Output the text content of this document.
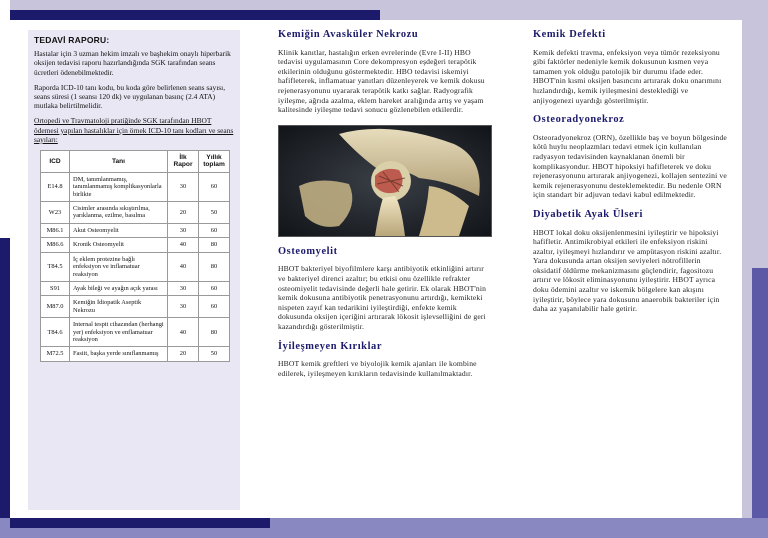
TEDAVİ RAPORU:

Hastalar için 3 uzman hekim imzalı ve başhekim onaylı hiperbarik oksijen tedavisi raporu hazırlandığında SGK tarafından seans ücretleri ödenebilmektedir.

Raporda ICD-10 tanı kodu, bu koda göre belirlenen seans sayısı, seans süresi (1 seansı 120 dk) ve uygulanan basınç (2.4 ATA) mutlaka belirtilmelidir.

Ortopedi ve Travmatoloji pratiğinde SGK tarafından HBOT ödemesi yapılan hastalıklar için örnek ICD-10 tanı kodları ve seans sayıları:

ICD	Tanı	İlk Rapor	Yıllık toplam
E14.8	DM, tanımlanmamış, tanımlanmamış komplikasyonlarla birlikte	30	60
W23	Cisimler arasında sıkıştırılma, yarıklanma, ezilme, basılma	20	50
M86.1	Akut Osteomyelit	30	60
M86.6	Kronik Osteomyelit	40	80
T84.5	İç eklem protezine bağlı enfeksiyon ve inflamatuar reaksiyon	40	80
S91	Ayak bileği ve ayağın açık yarası	30	60
M87.0	Kemiğin İdiopatik Aseptik Nekrozu	30	60
T84.6	Internal tespit cihazından (herhangi yer) enfeksiyon ve enflamatuar reaksiyon	40	80
M72.5	Fasiit, başka yerde sınıflanmamış	20	50
Kemiğin Avasküler Nekrozu

Klinik kanıtlar, hastalığın erken evrelerinde (Evre I-II) HBO tedavisi uygulamasının Core dekompresyon eşdeğeri terapötik etkilerinin olduğunu göstermektedir. HBO tedavisi iskemiyi hafifleterek, inflamatuar yanıtları düzenleyerek ve kemik dokusu rejenerasyonunu uyararak terapötik katkı sağlar. Radyografik iyileşme, ağrıda azalma, eklem hareket aralığında artış ve yaşam kalitesinde iyileşme tedavi sonucu gözlenebilen etkilerdir.

Osteomyelit

HBOT bakteriyel biyofilmlere karşı antibiyotik etkinliğini artırır ve bakteriyel direnci azaltır; bu etkisi onu özellikle refrakter osteomiyelit tedavisinde değerli hale getirir. Ek olarak HBOT'nin kemik dokusuna antibiyotik penetrasyonunu artırdığı, kemikteki nispeten zayıf kan tedarikini iyileştirdiği, enfekte kemik dokusunda oksijen içeriğini artırarak lökosit işlevselliğini de geri kazandırdığı gösterilmiştir.

İyileşmeyen Kırıklar

HBOT kemik greftleri ve biyolojik kemik ajanları ile kombine edilerek, iyileşmeyen kırıkların tedavisinde kullanılmaktadır.

Kemik Defekti

Kemik defekti travma, enfeksiyon veya tümör rezeksiyonu gibi faktörler nedeniyle kemik dokusunun kısmen veya tamamen yok olduğu patolojik bir durumu ifade eder. HBOT'nin kısmi oksijen basıncını artırarak doku onarımını hızlandırdığı, kemik iyileşmesini desteklediği ve anjiyogenezi uyardığı gösterilmiştir.

Osteoradyonekroz

Osteoradyonekroz (ORN), özellikle baş ve boyun bölgesinde kötü huylu neoplazmları tedavi etmek için kullanılan radyasyon tedavisinden kaynaklanan önemli bir komplikasyondur. HBOT hipoksiyi hafifleterek ve doku rejenerasyonunu artırarak anjiyogenezi, kollajen sentezini ve kemik rejenerasyonunu desteklemektedir. Bu nedenle ORN için standart bir adjuvan tedavi kabul edilmektedir.

Diyabetik Ayak Ülseri

HBOT lokal doku oksijenlenmesini iyileştirir ve hipoksiyi hafifletir. Antimikrobiyal etkileri ile enfeksiyon riskini azaltır, iyileşmeyi hızlandırır ve ampütasyon riskini azaltır. Yara dokusunda artan oksijen seviyeleri nötrofillerin oksidatif öldürme mekanizmasını güçlendirir, fagositozu artırır ve lökosit eliminasyonunu iyileştirir. HBOT ayrıca doku ödemini azaltır ve iskemik bölgelere kan akışını iyileştirir, böylece yara dokusunu anaerobik bakteriler için daha az yaşanılabilir hale getirir.
